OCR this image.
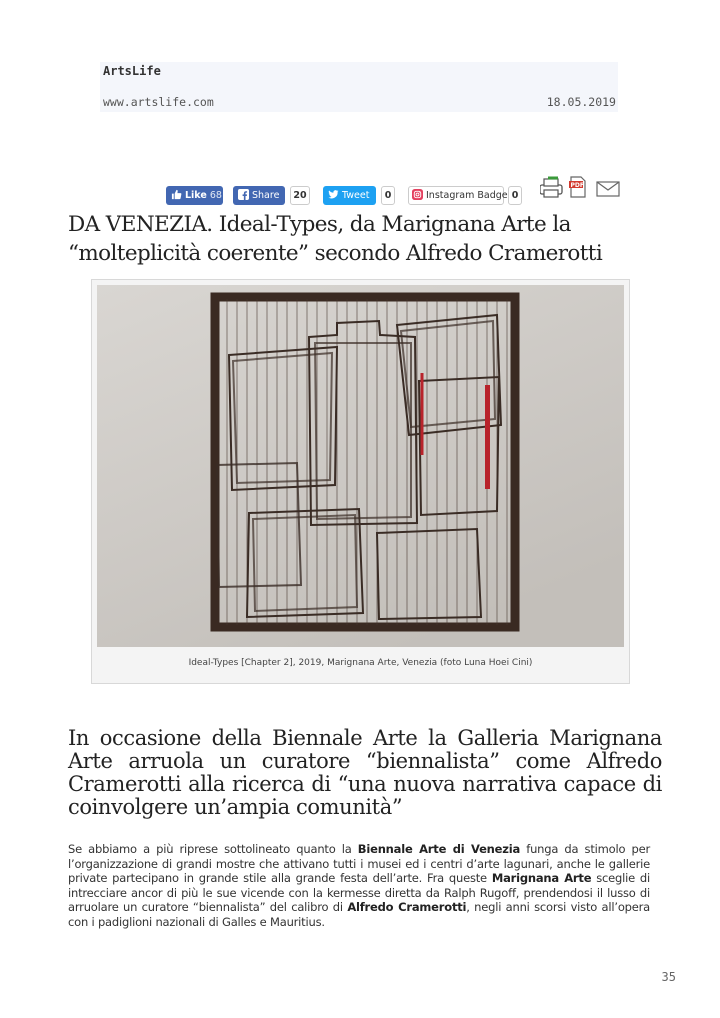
ArtsLife
www.artslife.com	18.05.2019
Like 68	Share	20	Tweet	0	Instagram Badge 0
PDF
DA VENEZIA. Ideal-Types, da Marignana Arte la “molteplicità coerente” secondo Alfredo Cramerotti
Ideal-Types [Chapter 2], 2019, Marignana Arte, Venezia (foto Luna Hoei Cini)
In occasione della Biennale Arte la Galleria Marignana Arte arruola un curatore “biennalista” come Alfredo Cramerotti alla ricerca di “una nuova narrativa capace di coinvolgere un’ampia comunità”

Se abbiamo a più riprese sottolineato quanto la Biennale Arte di Venezia funga da stimolo per l’organizzazione di grandi mostre che attivano tutti i musei ed i centri d’arte lagunari, anche le gallerie private partecipano in grande stile alla grande festa dell’arte. Fra queste Marignana Arte sceglie di intrecciare ancor di più le sue vicende con la kermesse diretta da Ralph Rugoff, prendendosi il lusso di arruolare un curatore “biennalista” del calibro di Alfredo Cramerotti, negli anni scorsi visto all’opera con i padiglioni nazionali di Galles e Mauritius.

35
